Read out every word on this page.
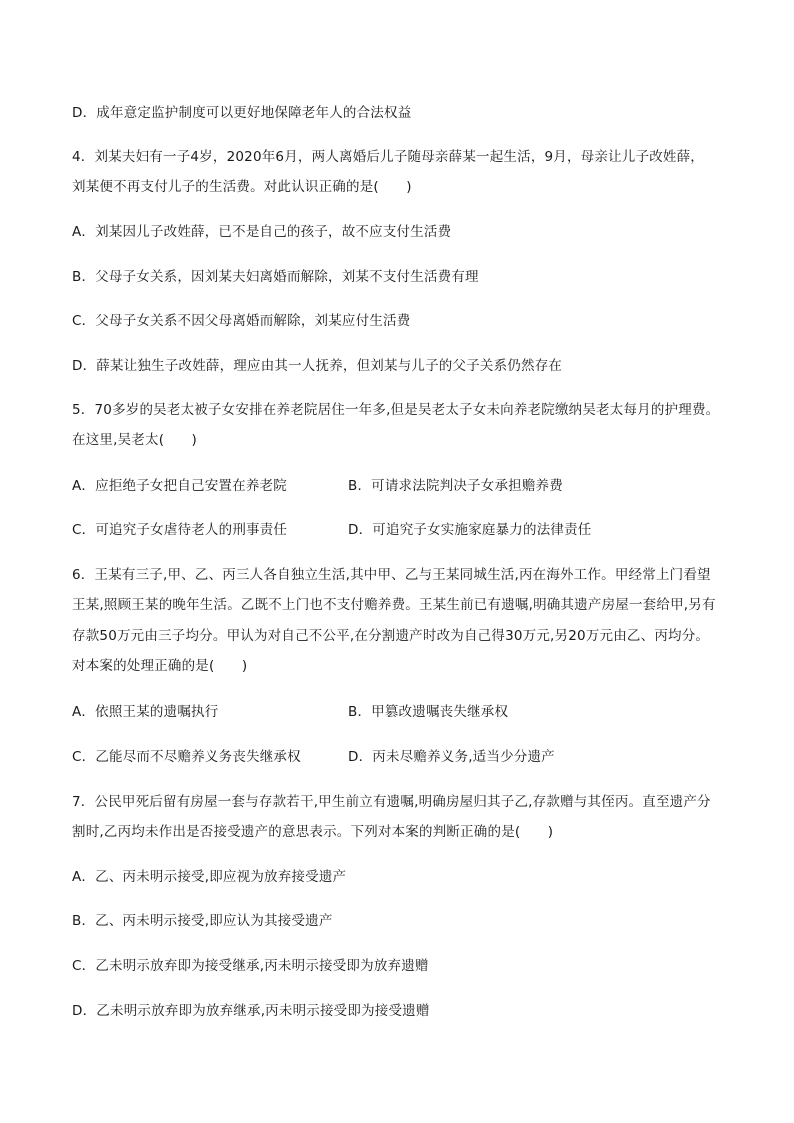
D．成年意定监护制度可以更好地保障老年人的合法权益
4．刘某夫妇有一子4岁，2020年6月，两人离婚后儿子随母亲薛某一起生活，9月，母亲让儿子改姓薛，
刘某便不再支付儿子的生活费。对此认识正确的是(　　)
A．刘某因儿子改姓薛，已不是自己的孩子，故不应支付生活费
B．父母子女关系，因刘某夫妇离婚而解除，刘某不支付生活费有理
C．父母子女关系不因父母离婚而解除，刘某应付生活费
D．薛某让独生子改姓薛，理应由其一人抚养，但刘某与儿子的父子关系仍然存在
5．70多岁的吴老太被子女安排在养老院居住一年多,但是吴老太子女未向养老院缴纳吴老太每月的护理费。
在这里,吴老太(　　)
A．应拒绝子女把自己安置在养老院	B．可请求法院判决子女承担赡养费
C．可追究子女虐待老人的刑事责任	D．可追究子女实施家庭暴力的法律责任
6．王某有三子,甲、乙、丙三人各自独立生活,其中甲、乙与王某同城生活,丙在海外工作。甲经常上门看望
王某,照顾王某的晚年生活。乙既不上门也不支付赡养费。王某生前已有遗嘱,明确其遗产房屋一套给甲,另有
存款50万元由三子均分。甲认为对自己不公平,在分割遗产时改为自己得30万元,另20万元由乙、丙均分。
对本案的处理正确的是(　　)
A．依照王某的遗嘱执行	B．甲篡改遗嘱丧失继承权
C．乙能尽而不尽赡养义务丧失继承权	D．丙未尽赡养义务,适当少分遗产
7．公民甲死后留有房屋一套与存款若干,甲生前立有遗嘱,明确房屋归其子乙,存款赠与其侄丙。直至遗产分
割时,乙丙均未作出是否接受遗产的意思表示。下列对本案的判断正确的是(　　)
A．乙、丙未明示接受,即应视为放弃接受遗产
B．乙、丙未明示接受,即应认为其接受遗产
C．乙未明示放弃即为接受继承,丙未明示接受即为放弃遗赠
D．乙未明示放弃即为放弃继承,丙未明示接受即为接受遗赠
